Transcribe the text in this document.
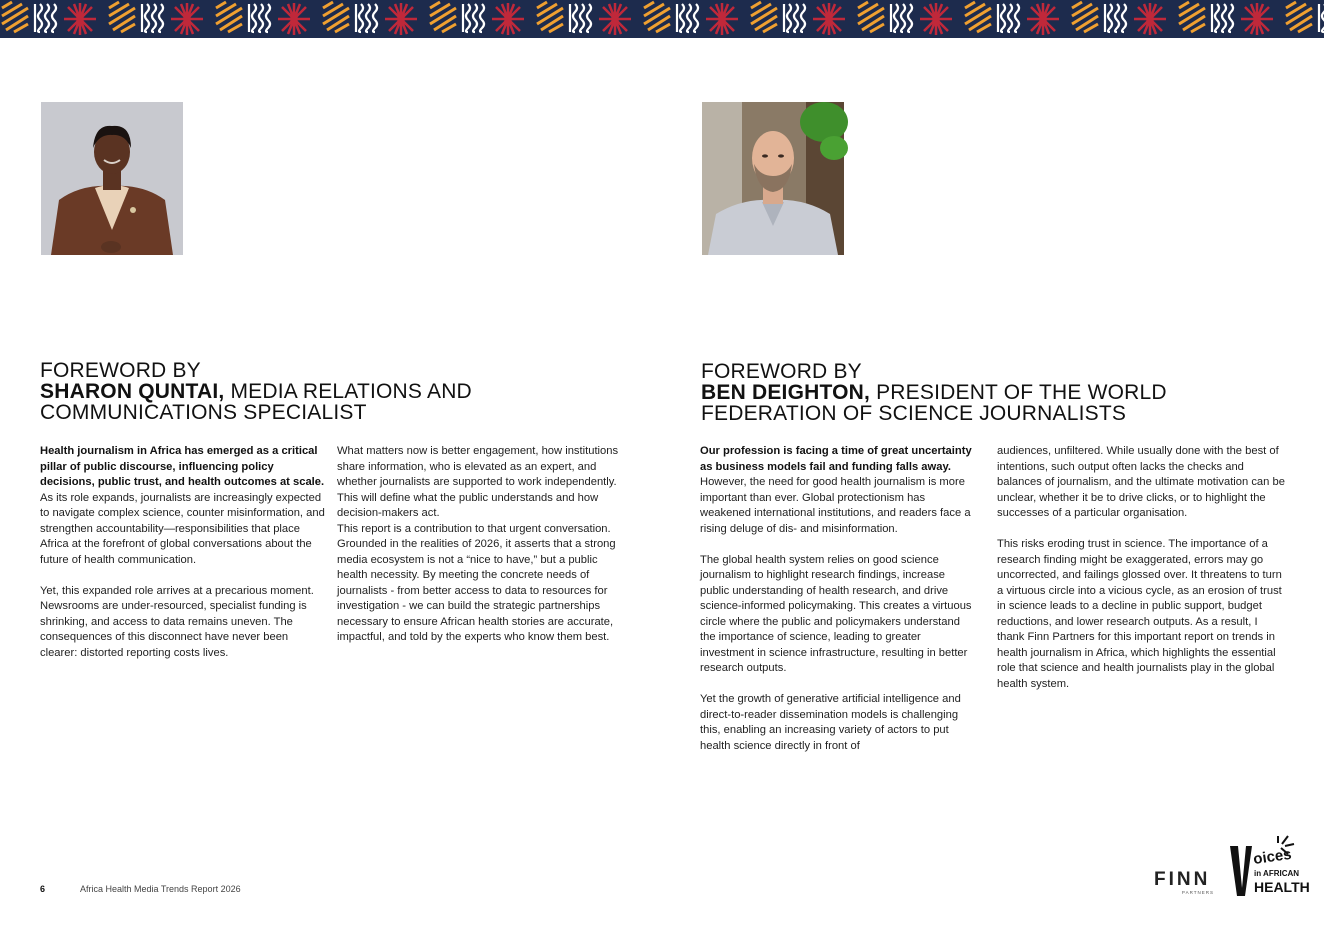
FOREWORD BY
SHARON QUNTAI, MEDIA RELATIONS AND COMMUNICATIONS SPECIALIST

Health journalism in Africa has emerged as a critical pillar of public discourse, influencing policy decisions, public trust, and health outcomes at scale. As its role expands, journalists are increasingly expected to navigate complex science, counter misinformation, and strengthen accountability—responsibilities that place Africa at the forefront of global conversations about the future of health communication.

Yet, this expanded role arrives at a precarious moment. Newsrooms are under-resourced, specialist funding is shrinking, and access to data remains uneven. The consequences of this disconnect have never been clearer: distorted reporting costs lives.

What matters now is better engagement, how institutions share information, who is elevated as an expert, and whether journalists are supported to work independently. This will define what the public understands and how decision-makers act.

This report is a contribution to that urgent conversation. Grounded in the realities of 2026, it asserts that a strong media ecosystem is not a “nice to have,” but a public health necessity. By meeting the concrete needs of journalists - from better access to data to resources for investigation - we can build the strategic partnerships necessary to ensure African health stories are accurate, impactful, and told by the experts who know them best.

FOREWORD BY
BEN DEIGHTON, PRESIDENT OF THE WORLD FEDERATION OF SCIENCE JOURNALISTS

Our profession is facing a time of great uncertainty as business models fail and funding falls away. However, the need for good health journalism is more important than ever. Global protectionism has weakened international institutions, and readers face a rising deluge of dis- and misinformation.

The global health system relies on good science journalism to highlight research findings, increase public understanding of health research, and drive science-informed policymaking. This creates a virtuous circle where the public and policymakers understand the importance of science, leading to greater investment in science infrastructure, resulting in better research outputs.

Yet the growth of generative artificial intelligence and direct-to-reader dissemination models is challenging this, enabling an increasing variety of actors to put health science directly in front of

audiences, unfiltered. While usually done with the best of intentions, such output often lacks the checks and balances of journalism, and the ultimate motivation can be unclear, whether it be to drive clicks, or to highlight the successes of a particular organisation.

This risks eroding trust in science. The importance of a research finding might be exaggerated, errors may go uncorrected, and failings glossed over. It threatens to turn a virtuous circle into a vicious cycle, as an erosion of trust in science leads to a decline in public support, budget reductions, and lower research outputs. As a result, I thank Finn Partners for this important report on trends in health journalism in Africa, which highlights the essential role that science and health journalists play in the global health system.

6	Africa Health Media Trends Report 2026	FINN
PARTNERS
oices
in AFRICAN
HEALTH
